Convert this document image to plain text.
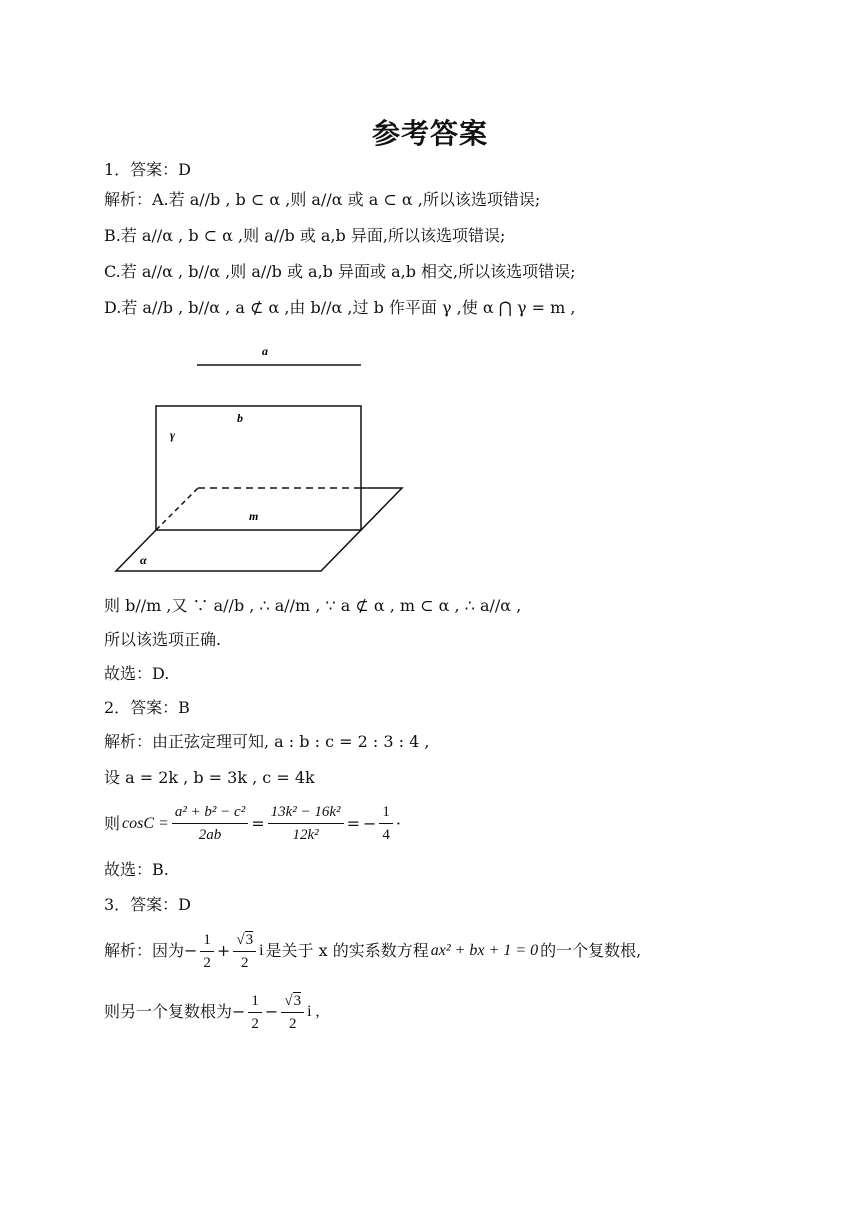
参考答案
1．答案：D
解析：A.若 a//b , b ⊂ α ,则 a//α 或 a ⊂ α ,所以该选项错误;
B.若 a//α , b ⊂ α ,则 a//b 或 a,b 异面,所以该选项错误;
C.若 a//α , b//α ,则 a//b 或 a,b 异面或 a,b 相交,所以该选项错误;
D.若 a//b , b//α , a ⊄ α ,由 b//α ,过 b 作平面 γ ,使 α ⋂ γ = m ,
a
b
γ
m
α
则 b//m ,又 ∵ a//b , ∴ a//m , ∵ a ⊄ α , m ⊂ α , ∴ a//α ,
所以该选项正确.
故选：D.
2．答案：B
解析：由正弦定理可知, a : b : c = 2 : 3 : 4 ,
设 a = 2k , b = 3k , c = 4k
则 $\cos C = \frac{\text{a² + b² − c²}}{2ab} = \frac{\text{13k² − 16k²}}{\text{12k²}}$ = − $\frac{1}{4}$ ·
故选：B.
3．答案：D
解析：因为 − $\frac{1}{2} + \frac{√3}{2}$ i 是关于 x 的实系数方程 ax² + bx + 1 = 0 的一个复数根,
则另一个复数根为 − $\frac{1}{2} - \frac{√3}{2}$ i ,
